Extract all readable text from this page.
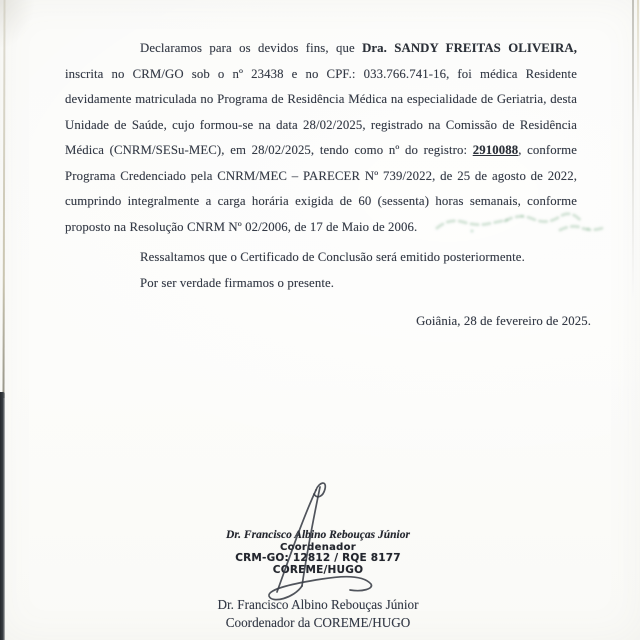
Declaramos para os devidos fins, que Dra. SANDY FREITAS OLIVEIRA, inscrita no CRM/GO sob o nº 23438 e no CPF.: 033.766.741-16, foi médica Residente devidamente matriculada no Programa de Residência Médica na especialidade de Geriatria, desta Unidade de Saúde, cujo formou-se na data 28/02/2025, registrado na Comissão de Residência Médica (CNRM/SESu-MEC), em 28/02/2025, tendo como nº do registro: 2910088, conforme Programa Credenciado pela CNRM/MEC – PARECER Nº 739/2022, de 25 de agosto de 2022, cumprindo integralmente a carga horária exigida de 60 (sessenta) horas semanais, conforme proposto na Resolução CNRM Nº 02/2006, de 17 de Maio de 2006.

Ressaltamos que o Certificado de Conclusão será emitido posteriormente.

Por ser verdade firmamos o presente.

Goiânia, 28 de fevereiro de 2025.

Dr. Francisco Albino Rebouças Júnior
Coordenador
CRM-GO: 12812 / RQE 8177
COREME/HUGO
Dr. Francisco Albino Rebouças Júnior
Coordenador da COREME/HUGO
